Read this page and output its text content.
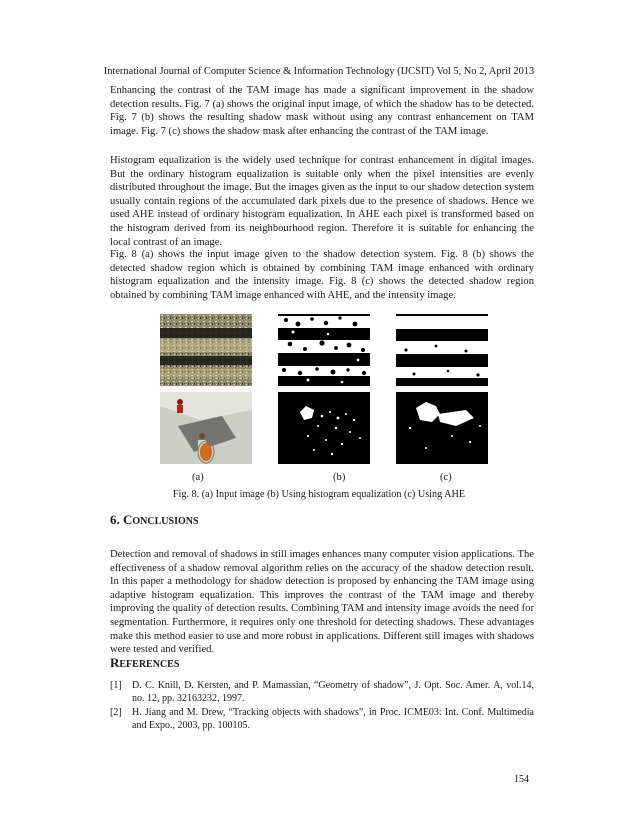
International Journal of Computer Science & Information Technology (IJCSIT) Vol 5, No 2, April 2013

Enhancing the contrast of the TAM image has made a significant improvement in the shadow detection results. Fig. 7 (a) shows the original input image, of which the shadow has to be detected. Fig. 7 (b) shows the resulting shadow mask without using any contrast enhancement on TAM image. Fig. 7 (c) shows the shadow mask after enhancing the contrast of the TAM image.

Histogram equalization is the widely used technique for contrast enhancement in digital images. But the ordinary histogram equalization is suitable only when the pixel intensities are evenly distributed throughout the image. But the images given as the input to our shadow detection system usually contain regions of the accumulated dark pixels due to the presence of shadows. Hence we used AHE instead of ordinary histogram equalization. In AHE each pixel is transformed based on the histogram derived from its neighbourhood region. Therefore it is suitable for enhancing the local contrast of an image.

Fig. 8 (a) shows the input image given to the shadow detection system. Fig. 8 (b) shows the detected shadow region which is obtained by combining TAM image enhanced with ordinary histogram equalization and the intensity image. Fig. 8 (c) shows the detected shadow region obtained by combining TAM image enhanced with AHE, and the intensity image.

(a)	(b)	(c)
Fig. 8. (a) Input image (b) Using histogram equalization (c) Using AHE
6. CONCLUSIONS

Detection and removal of shadows in still images enhances many computer vision applications. The effectiveness of a shadow removal algorithm relies on the accuracy of the shadow detection result. In this paper a methodology for shadow detection is proposed by enhancing the TAM image using adaptive histogram equalization. This improves the contrast of the TAM image and thereby improving the quality of detection results. Combining TAM and intensity image avoids the need for segmentation. Furthermore, it requires only one threshold for detecting shadows. These advantages make this method easier to use and more robust in applications. Different still images with shadows were tested and verified.

REFERENCES
[1] D. C. Knill, D. Kersten, and P. Mamassian, “Geometry of shadow”, J. Opt. Soc. Amer. A, vol.14, no. 12, pp. 32163232, 1997.
[2] H. Jiang and M. Drew, “Tracking objects with shadows”, in Proc. ICME03: Int. Conf. Multimedia and Expo., 2003, pp. 100105.
154
